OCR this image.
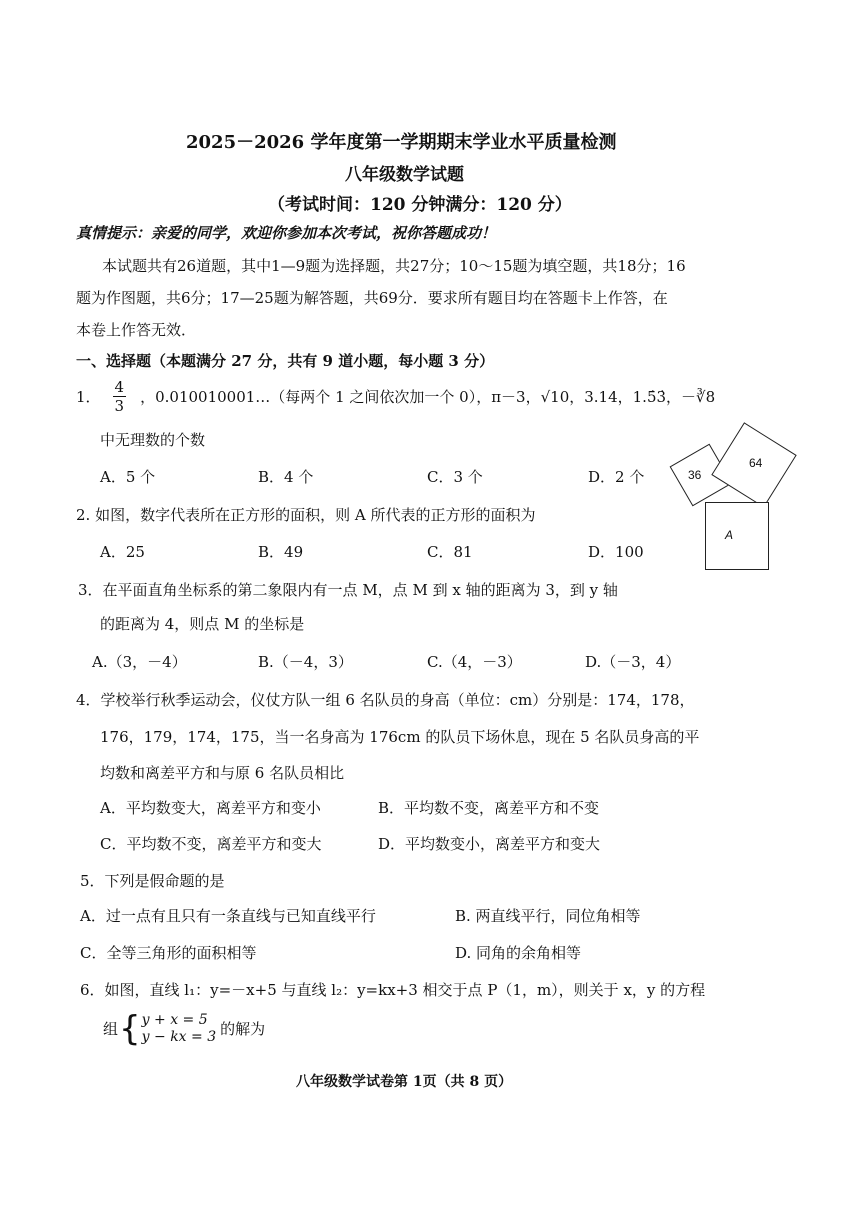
2025－2026 学年度第一学期期末学业水平质量检测
八年级数学试题
（考试时间：120 分钟满分：120 分）
真情提示：亲爱的同学，欢迎你参加本次考试，祝你答题成功！
本试题共有26道题，其中1—9题为选择题，共27分；10～15题为填空题，共18分；16
题为作图题，共6分；17—25题为解答题，共69分．要求所有题目均在答题卡上作答，在
本卷上作答无效．
一、选择题（本题满分 27 分，共有 9 道小题，每小题 3 分）
1． $\frac{4}{3}$ ，0.010010001…（每两个 1 之间依次加一个 0），π－3，√10，3.14，1.5̇3̇，－∛8
中无理数的个数
A．5 个	B．4 个	C．3 个	D．2 个
2. 如图，数字代表所在正方形的面积，则 A 所代表的正方形的面积为
A．25	B．49	C．81	D．100
36
64
A
3．在平面直角坐标系的第二象限内有一点 M，点 M 到 x 轴的距离为 3，到 y 轴
的距离为 4，则点 M 的坐标是
A.（3，－4）	B.（－4，3）	C.（4，－3）	D.（－3，4）
4．学校举行秋季运动会，仪仗方队一组 6 名队员的身高（单位：cm）分别是：174，178，
176，179，174，175，当一名身高为 176cm 的队员下场休息，现在 5 名队员身高的平
均数和离差平方和与原 6 名队员相比
A．平均数变大，离差平方和变小	B．平均数不变，离差平方和不变
C．平均数不变，离差平方和变大	D．平均数变小，离差平方和变大
5．下列是假命题的是
A．过一点有且只有一条直线与已知直线平行	B. 两直线平行，同位角相等
C．全等三角形的面积相等	D. 同角的余角相等
6．如图，直线 l₁：y=－x+5 与直线 l₂：y=kx+3 相交于点 P（1，m），则关于 x，y 的方程
组 { y + x = 5
y − kx = 3 的解为
八年级数学试卷第 1页（共 8 页）
